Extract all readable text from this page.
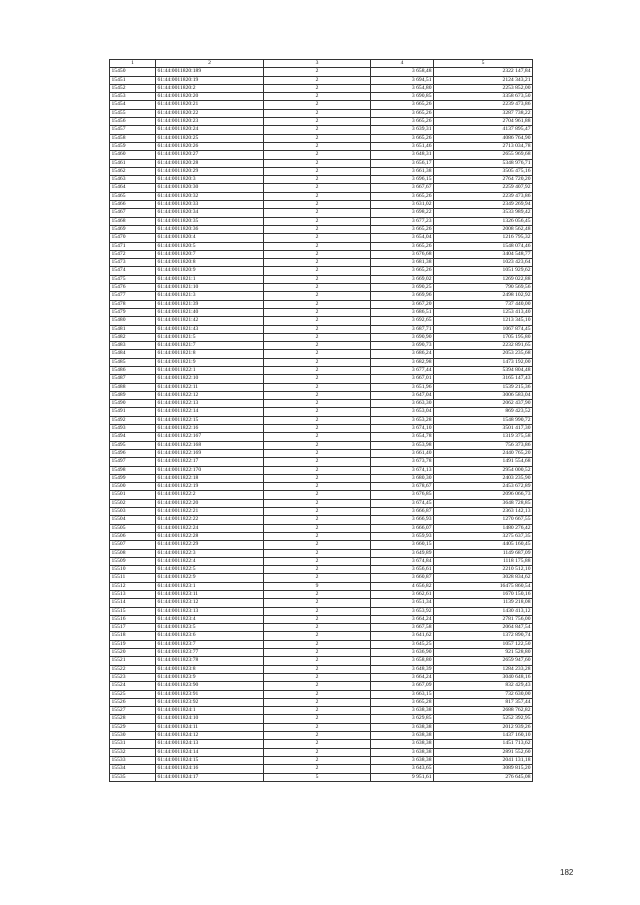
1	2	3	4	5
15450	61:44:0011820:189	2	3 658,48	2322 147,84
15451	61:44:0011820:19	2	3 694,51	2124 343,21
15452	61:44:0011820:2	2	3 654,80	2253 852,00
15453	61:44:0011820:20	2	3 690,85	3358 673,50
15454	61:44:0011820:21	2	3 665,26	2239 473,86
15455	61:44:0011820:22	2	3 665,26	3287 738,22
15456	61:44:0011820:23	2	3 665,26	2704 961,88
15457	61:44:0011820:24	2	3 639,31	4137 895,47
15458	61:44:0011820:25	2	3 665,26	4086 764,90
15459	61:44:0011820:26	2	3 651,46	2713 034,78
15460	61:44:0011820:27	2	3 648,31	2655 969,68
15461	61:44:0011820:28	2	3 656,17	5348 976,71
15462	61:44:0011820:29	2	3 661,38	3505 475,16
15463	61:44:0011820:3	2	3 696,15	2764 720,20
15464	61:44:0011820:30	2	3 667,67	2259 407,92
15465	61:44:0011820:32	2	3 665,26	2239 473,86
15466	61:44:0011820:33	2	3 631,02	2349 269,94
15467	61:44:0011820:34	2	3 698,22	3533 989,42
15468	61:44:0011820:35	2	3 677,23	1326 056,45
15469	61:44:0011820:36	2	3 665,26	2008 562,48
15470	61:44:0011820:4	2	3 654,04	1216 795,32
15471	61:44:0011820:5	2	3 665,26	1548 074,46
15472	61:44:0011820:7	2	3 676,68	3404 548,77
15473	61:44:0011820:8	2	3 681,38	1023 423,64
15474	61:44:0011820:9	2	3 665,26	1051 929,62
15475	61:44:0011821:1	2	3 669,02	1269 022,88
15476	61:44:0011821:10	2	3 690,25	790 569,56
15477	61:44:0011821:3	2	3 669,96	2498 102,92
15478	61:44:0011821:39	2	3 667,20	737 440,00
15479	61:44:0011821:40	2	3 686,51	1253 413,40
15480	61:44:0011821:42	2	3 692,65	1213 345,10
15481	61:44:0011821:43	2	3 687,71	1067 874,45
15482	61:44:0011821:5	2	3 690,90	1705 195,80
15483	61:44:0011821:7	2	3 690,73	2232 891,65
15484	61:44:0011821:8	2	3 686,24	2053 235,68
15485	61:44:0011821:9	2	3 682,98	1473 192,00
15486	61:44:0011822:1	2	3 677,44	5394 804,48
15487	61:44:0011822:10	2	3 667,01	3165 147,43
15488	61:44:0011822:11	2	3 651,96	1539 215,36
15489	61:44:0011822:12	2	3 647,04	3006 583,04
15490	61:44:0011822:13	2	3 663,30	2062 437,90
15491	61:44:0011822:14	2	3 653,04	869 423,52
15492	61:44:0011822:15	2	3 653,28	1548 990,72
15493	61:44:0011822:16	2	3 674,10	3501 417,30
15494	61:44:0011822:167	2	3 654,78	1319 375,58
15495	61:44:0011822:168	2	3 653,98	756 373,86
15496	61:44:0011822:169	2	3 661,40	2440 765,20
15497	61:44:0011822:17	2	3 673,78	1491 554,68
15498	61:44:0011822:170	2	3 674,13	2954 000,52
15499	61:44:0011822:18	2	3 680,30	2403 235,90
15500	61:44:0011822:19	2	3 678,67	2453 672,89
15501	61:44:0011822:2	2	3 676,85	2096 066,73
15502	61:44:0011822:20	2	3 674,45	3648 728,85
15503	61:44:0011822:21	2	3 666,87	2363 142,13
15504	61:44:0011822:22	2	3 666,93	1270 667,55
15505	61:44:0011822:24	2	3 666,07	1480 276,42
15506	61:44:0011822:28	2	3 659,93	3275 637,35
15507	61:44:0011822:29	2	3 660,15	4405 160,45
15508	61:44:0011822:3	2	3 649,89	1149 687,09
15509	61:44:0011822:4	2	3 674,84	1118 175,88
15510	61:44:0011822:5	2	3 656,61	2210 512,10
15511	61:44:0011822:9	2	3 660,87	3028 834,62
15512	61:44:0011823:1	9	4 656,82	16475 860,54
15513	61:44:0011823:11	2	3 662,61	1670 150,16
15514	61:44:0011823:12	2	3 651,34	1139 218,08
15515	61:44:0011823:13	2	3 653,92	1430 413,12
15516	61:44:0011823:4	2	3 664,24	2781 756,00
15517	61:44:0011823:5	2	3 667,58	2064 847,54
15518	61:44:0011823:6	2	3 641,62	1372 890,74
15519	61:44:0011823:7	2	3 645,25	1057 122,50
15520	61:44:0011823:77	2	3 636,90	921 528,80
15521	61:44:0011823:78	2	3 658,80	2659 947,60
15522	61:44:0011823:8	2	3 648,39	1284 233,28
15523	61:44:0011823:9	2	3 664,24	3040 648,16
15524	61:44:0011823:90	2	3 667,09	832 429,43
15525	61:44:0011823:91	2	3 663,15	732 630,00
15526	61:44:0011823:92	2	3 665,28	817 357,44
15527	61:44:0011824:1	2	3 638,38	2688 762,82
15528	61:44:0011824:10	2	3 629,85	5252 392,95
15529	61:44:0011824:11	2	3 638,38	2012 939,26
15530	61:44:0011824:12	2	3 638,38	1437 160,10
15531	61:44:0011824:13	2	3 638,38	1451 713,62
15532	61:44:0011824:14	2	3 638,38	2891 552,60
15533	61:44:0011824:15	2	3 638,38	2041 131,18
15534	61:44:0011824:16	2	3 643,65	3089 815,20
15535	61:44:0011824:17	5	9 951,61	276 645,08
182
